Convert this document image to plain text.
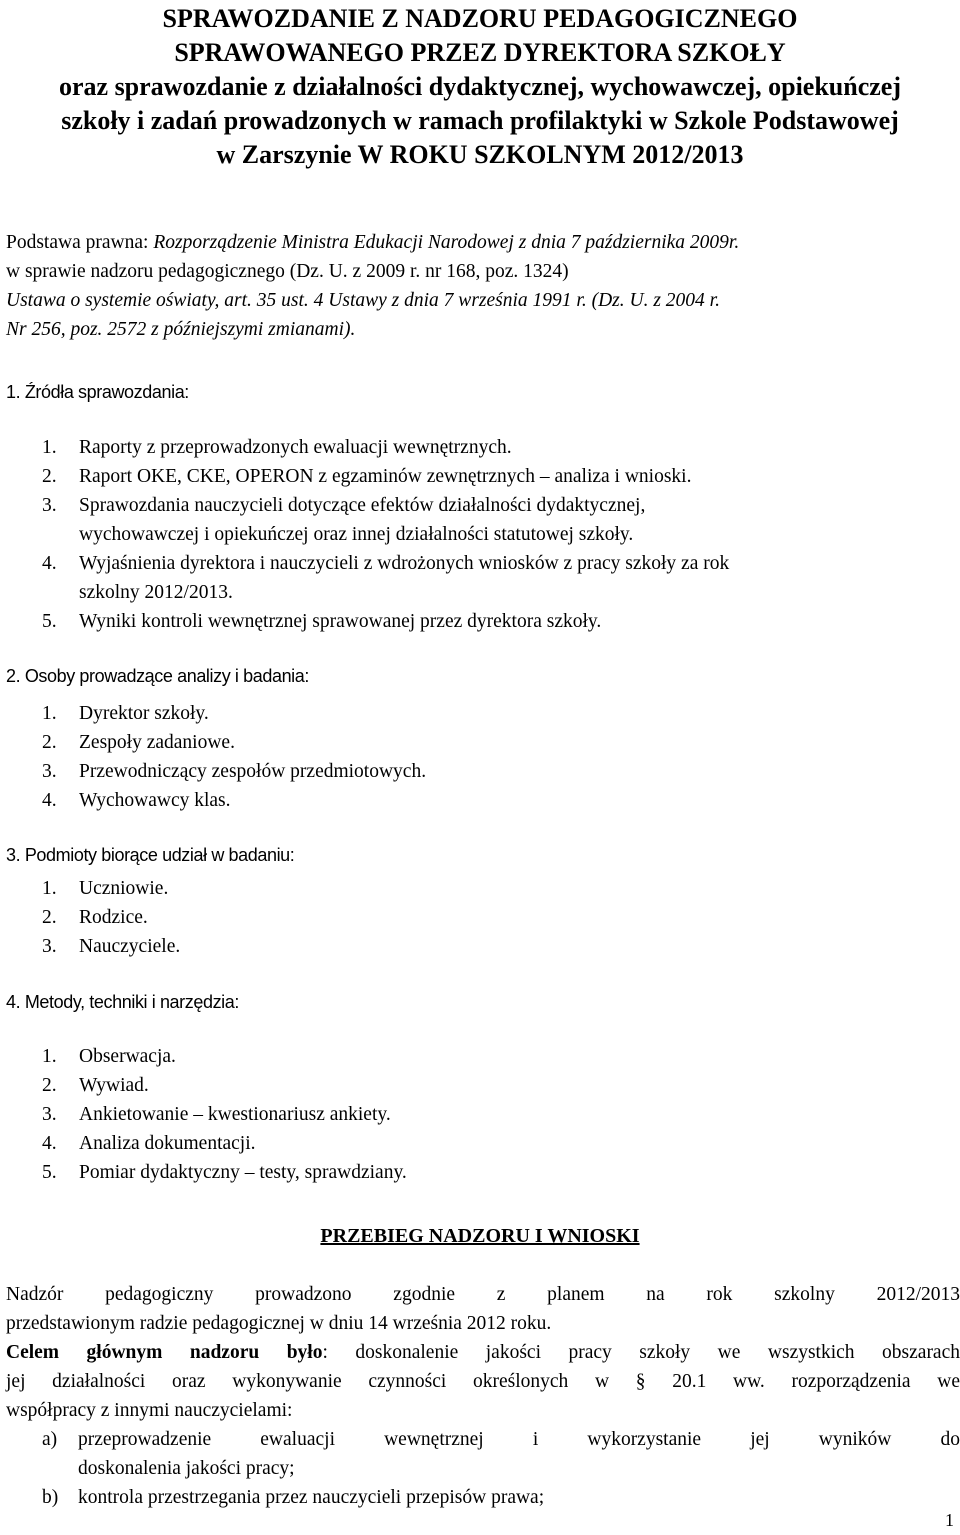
SPRAWOZDANIE Z NADZORU PEDAGOGICZNEGO
SPRAWOWANEGO PRZEZ DYREKTORA SZKOŁY
oraz sprawozdanie z działalności dydaktycznej, wychowawczej, opiekuńczej
szkoły i zadań prowadzonych w ramach profilaktyki w Szkole Podstawowej
w Zarszynie W ROKU SZKOLNYM 2012/2013
Podstawa prawna: Rozporządzenie Ministra Edukacji Narodowej z dnia 7 października 2009r.
w sprawie nadzoru pedagogicznego (Dz. U. z 2009 r. nr 168, poz. 1324)
Ustawa o systemie oświaty, art. 35 ust. 4 Ustawy z dnia 7 września 1991 r. (Dz. U. z 2004 r.
Nr 256, poz. 2572 z późniejszymi zmianami).
1. Źródła sprawozdania:
1.	Raporty z przeprowadzonych ewaluacji wewnętrznych.
2.	Raport OKE, CKE, OPERON z egzaminów zewnętrznych – analiza i wnioski.
3.	Sprawozdania nauczycieli dotyczące efektów działalności dydaktycznej,
wychowawczej i opiekuńczej oraz innej działalności statutowej szkoły.
4.	Wyjaśnienia dyrektora i nauczycieli z wdrożonych wniosków z pracy szkoły za rok
szkolny 2012/2013.
5.	Wyniki kontroli wewnętrznej sprawowanej przez dyrektora szkoły.
2. Osoby prowadzące analizy i badania:
1.	Dyrektor szkoły.
2.	Zespoły zadaniowe.
3.	Przewodniczący zespołów przedmiotowych.
4.	Wychowawcy klas.
3. Podmioty biorące udział w badaniu:
1.	Uczniowie.
2.	Rodzice.
3.	Nauczyciele.
4. Metody, techniki i narzędzia:
1.	Obserwacja.
2.	Wywiad.
3.	Ankietowanie – kwestionariusz ankiety.
4.	Analiza dokumentacji.
5.	Pomiar dydaktyczny – testy, sprawdziany.
PRZEBIEG NADZORU I WNIOSKI
Nadzór pedagogiczny prowadzono zgodnie z planem na rok szkolny 2012/2013
przedstawionym radzie pedagogicznej w dniu 14 września 2012 roku.
Celem głównym nadzoru było: doskonalenie jakości pracy szkoły we wszystkich obszarach
jej działalności oraz wykonywanie czynności określonych w § 20.1 ww. rozporządzenia we
współpracy z innymi nauczycielami:
a)	przeprowadzenie ewaluacji wewnętrznej i wykorzystanie jej wyników do
doskonalenia jakości pracy;
b)	kontrola przestrzegania przez nauczycieli przepisów prawa;
1
